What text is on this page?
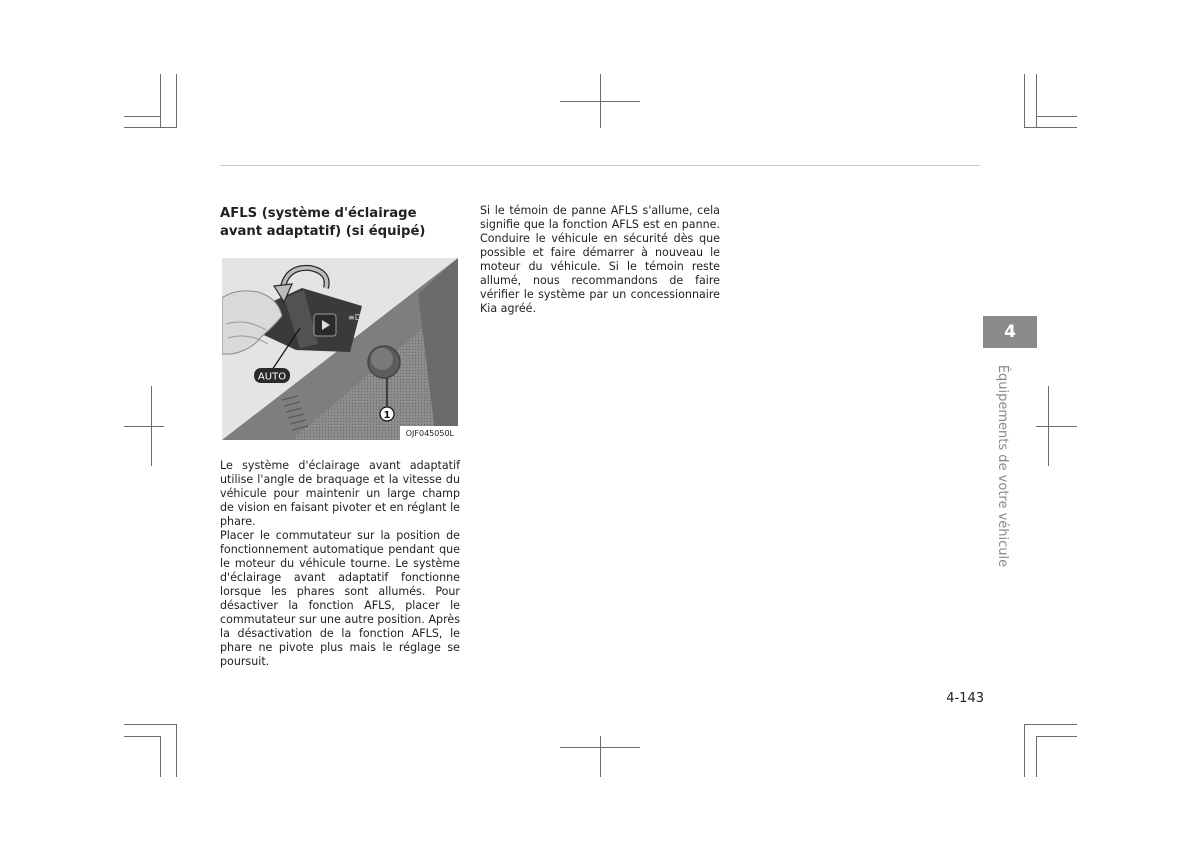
AFLS (système d'éclairage avant adaptatif) (si équipé)
1
≡D
AUTO
OJF045050L

Le système d'éclairage avant adaptatif utilise l'angle de braquage et la vitesse du véhicule pour maintenir un large champ de vision en faisant pivoter et en réglant le phare.

Placer le commutateur sur la position de fonctionnement automatique pendant que le moteur du véhicule tourne. Le système d'éclairage avant adaptatif fonctionne lorsque les phares sont allumés. Pour désactiver la fonction AFLS, placer le commutateur sur une autre position. Après la désactivation de la fonction AFLS, le phare ne pivote plus mais le réglage se poursuit.

Si le témoin de panne AFLS s'allume, cela signifie que la fonction AFLS est en panne. Conduire le véhicule en sécurité dès que possible et faire démarrer à nouveau le moteur du véhicule. Si le témoin reste allumé, nous recommandons de faire vérifier le système par un concessionnaire Kia agréé.

4
Équipements de votre véhicule
4-143
